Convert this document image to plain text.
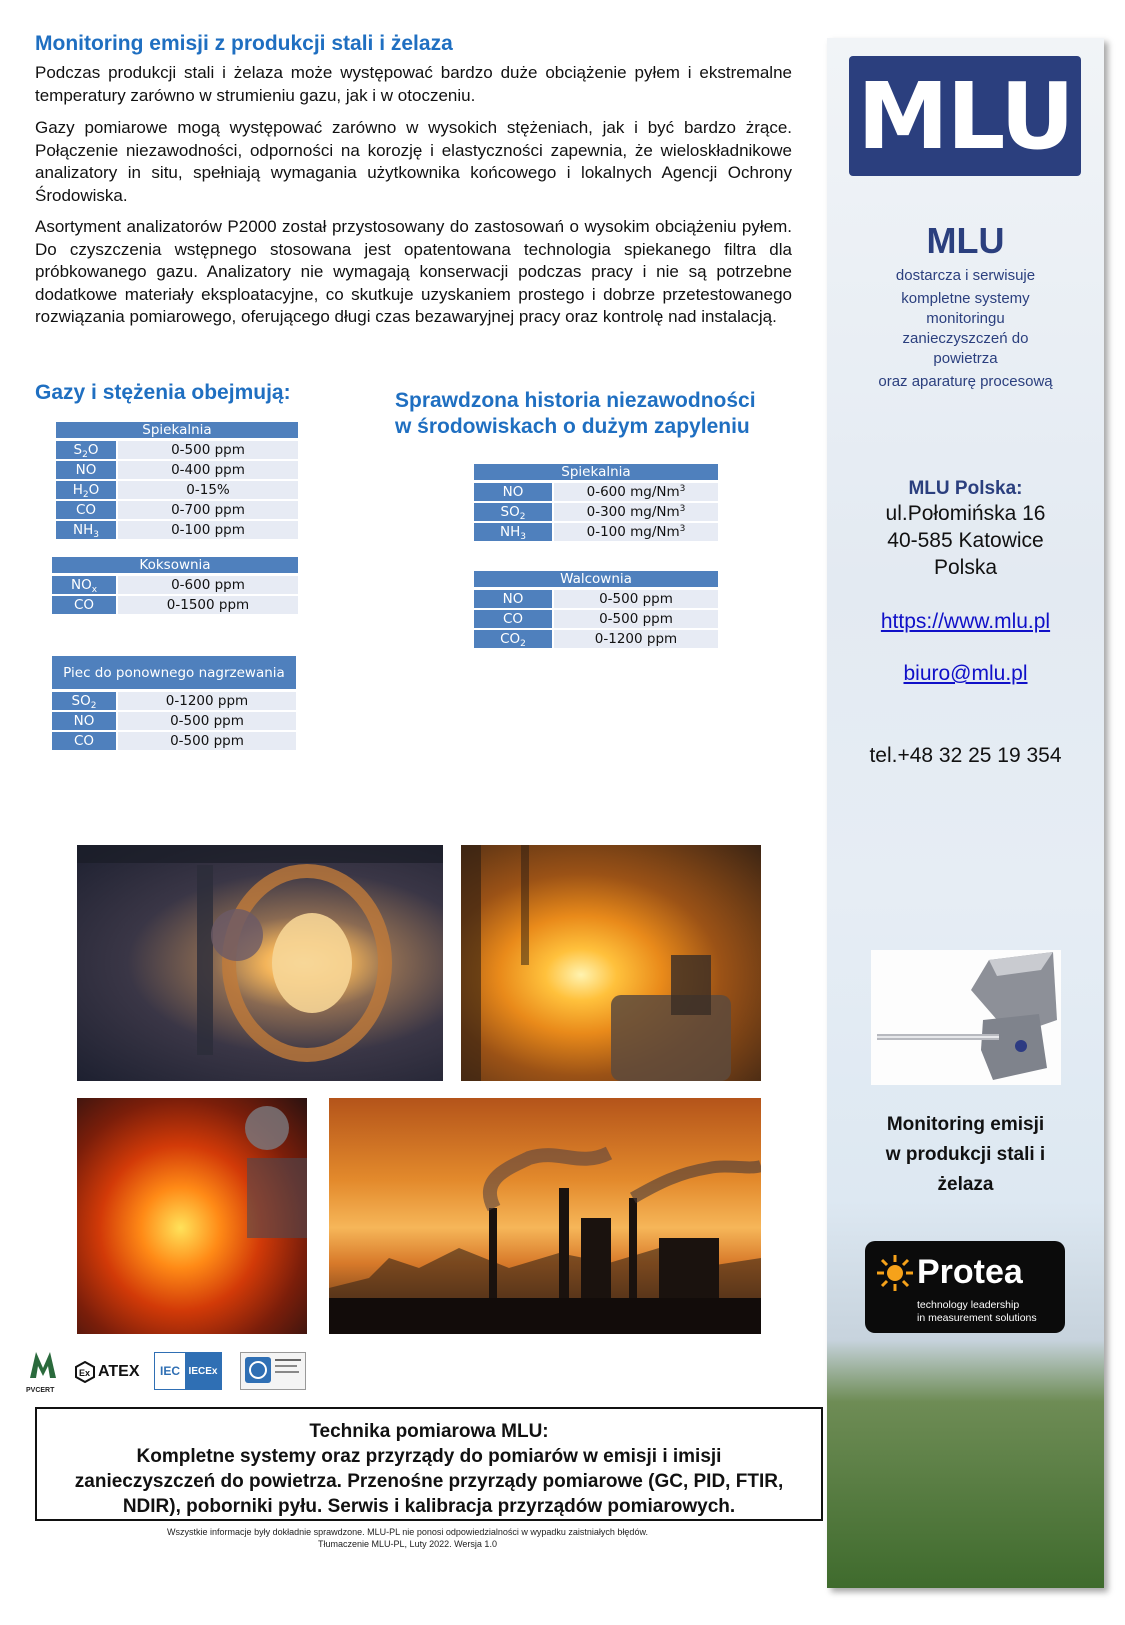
Monitoring emisji z produkcji stali i żelaza

Podczas produkcji stali i żelaza może występować bardzo duże obciążenie pyłem i ekstremalne temperatury zarówno w strumieniu gazu, jak i w otoczeniu.

Gazy pomiarowe mogą występować zarówno w wysokich stężeniach, jak i być bardzo żrące. Połączenie niezawodności, odporności na korozję i elastyczności zapewnia, że wieloskładnikowe analizatory in situ, spełniają wymagania użytkownika końcowego i lokalnych Agencji Ochrony Środowiska.

Asortyment analizatorów P2000 został przystosowany do zastosowań o wysokim obciążeniu pyłem. Do czyszczenia wstępnego stosowana jest opatentowana technologia spiekanego filtra dla próbkowanego gazu. Analizatory nie wymagają konserwacji podczas pracy i nie są potrzebne dodatkowe materiały eksploatacyjne, co skutkuje uzyskaniem prostego i dobrze przetestowanego rozwiązania pomiarowego, oferującego długi czas bezawaryjnej pracy oraz kontrolę nad instalacją.

Gazy i stężenia obejmują:
Spiekalnia	
$S_2O$	0-500 ppm
NO	0-400 ppm
$H_2O$	0-15%
CO	0-700 ppm
$NH_3$	0-100 ppm
Koksownia	
$NO_x$	0-600 ppm
CO	0-1500 ppm
Piec do ponownego nagrzewania	
$SO_2$	0-1200 ppm
NO	0-500 ppm
CO	0-500 ppm
Sprawdzona historia niezawodności
w środowiskach o dużym zapyleniu
Spiekalnia	
NO	0-600 mg/Nm$^3$
$SO_2$	0-300 mg/Nm$^3$
$NH_3$	0-100 mg/Nm$^3$
Walcownia	
NO	0-500 ppm
CO	0-500 ppm
$CO_2$	0-1200 ppm
MLU
MLU
dostarcza i serwisuje
kompletne systemy
monitoringu
zanieczyszczeń do
powietrza
oraz aparaturę procesową
MLU Polska:
ul.Połomińska 16
40-585 Katowice
Polska
https://www.mlu.pl
biuro@mlu.pl
tel.+48 32 25 19 354
Monitoring emisji
w produkcji stali i
żelaza
Protea
technology leadership
in measurement solutions
PVCERT
Ex ATEX	IEC IECEx
Technika pomiarowa MLU:
Kompletne systemy oraz przyrządy do pomiarów w emisji i imisji zanieczyszczeń do powietrza. Przenośne przyrządy pomiarowe (GC, PID, FTIR, NDIR), poborniki pyłu. Serwis i kalibracja przyrządów pomiarowych.
Wszystkie informacje były dokładnie sprawdzone. MLU-PL nie ponosi odpowiedzialności w wypadku zaistniałych błędów.
Tłumaczenie MLU-PL, Luty 2022. Wersja 1.0
